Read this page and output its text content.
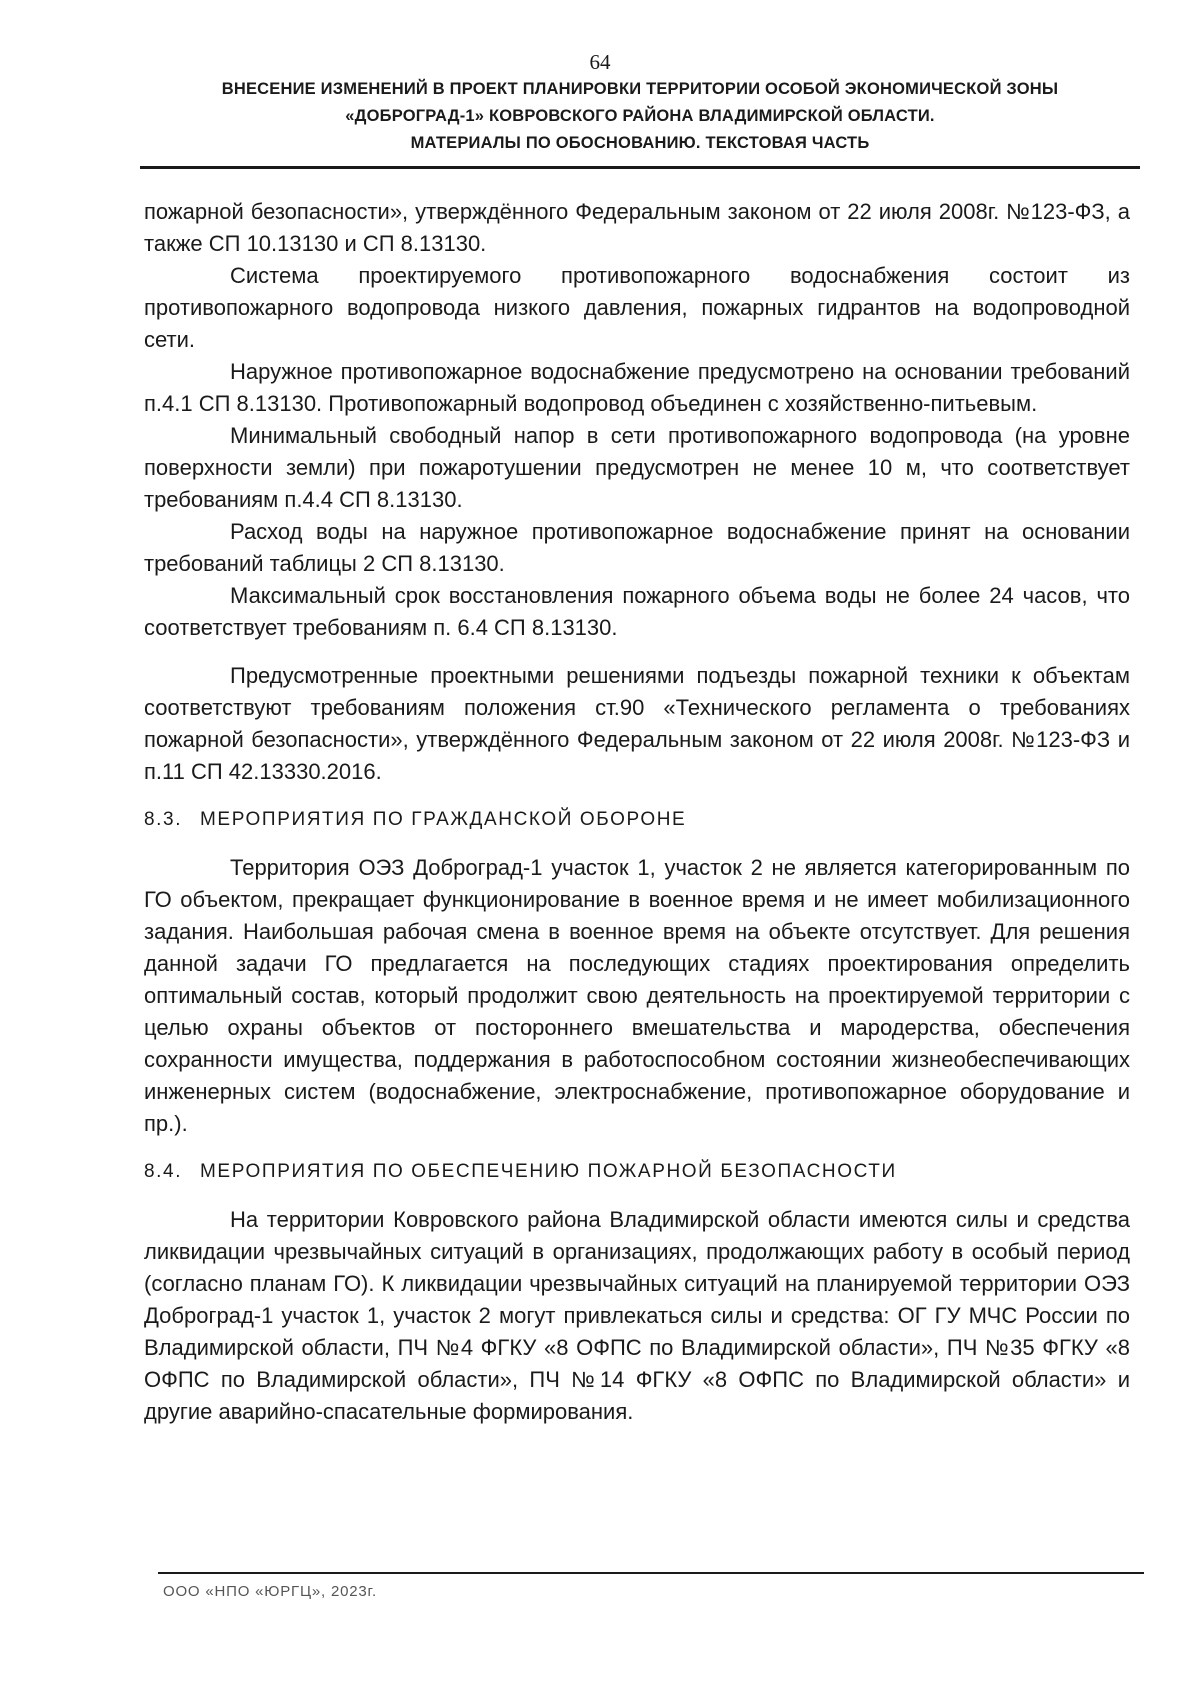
64
ВНЕСЕНИЕ ИЗМЕНЕНИЙ В ПРОЕКТ ПЛАНИРОВКИ ТЕРРИТОРИИ ОСОБОЙ ЭКОНОМИЧЕСКОЙ ЗОНЫ
«ДОБРОГРАД-1» КОВРОВСКОГО РАЙОНА ВЛАДИМИРСКОЙ ОБЛАСТИ.
МАТЕРИАЛЫ ПО ОБОСНОВАНИЮ. ТЕКСТОВАЯ ЧАСТЬ

пожарной безопасности», утверждённого Федеральным законом от 22 июля 2008г. №123-ФЗ, а также СП 10.13130 и СП 8.13130.

Система проектируемого противопожарного водоснабжения состоит из противопожарного водопровода низкого давления, пожарных гидрантов на водопроводной сети.

Наружное противопожарное водоснабжение предусмотрено на основании требований п.4.1 СП 8.13130. Противопожарный водопровод объединен с хозяйственно-питьевым.

Минимальный свободный напор в сети противопожарного водопровода (на уровне поверхности земли) при пожаротушении предусмотрен не менее 10 м, что соответствует требованиям п.4.4 СП 8.13130.

Расход воды на наружное противопожарное водоснабжение принят на основании требований таблицы 2 СП 8.13130.

Максимальный срок восстановления пожарного объема воды не более 24 часов, что соответствует требованиям п. 6.4 СП 8.13130.

Предусмотренные проектными решениями подъезды пожарной техники к объектам соответствуют требованиям положения ст.90 «Технического регламента о требованиях пожарной безопасности», утверждённого Федеральным законом от 22 июля 2008г. №123-ФЗ и п.11 СП 42.13330.2016.

8.3. МЕРОПРИЯТИЯ ПО ГРАЖДАНСКОЙ ОБОРОНЕ

Территория ОЭЗ Доброград-1 участок 1, участок 2 не является категорированным по ГО объектом, прекращает функционирование в военное время и не имеет мобилизационного задания. Наибольшая рабочая смена в военное время на объекте отсутствует. Для решения данной задачи ГО предлагается на последующих стадиях проектирования определить оптимальный состав, который продолжит свою деятельность на проектируемой территории с целью охраны объектов от постороннего вмешательства и мародерства, обеспечения сохранности имущества, поддержания в работоспособном состоянии жизнеобеспечивающих инженерных систем (водоснабжение, электроснабжение, противопожарное оборудование и пр.).

8.4. МЕРОПРИЯТИЯ ПО ОБЕСПЕЧЕНИЮ ПОЖАРНОЙ БЕЗОПАСНОСТИ

На территории Ковровского района Владимирской области имеются силы и средства ликвидации чрезвычайных ситуаций в организациях, продолжающих работу в особый период (согласно планам ГО). К ликвидации чрезвычайных ситуаций на планируемой территории ОЭЗ Доброград-1 участок 1, участок 2 могут привлекаться силы и средства: ОГ ГУ МЧС России по Владимирской области, ПЧ №4 ФГКУ «8 ОФПС по Владимирской области», ПЧ №35 ФГКУ «8 ОФПС по Владимирской области», ПЧ №14 ФГКУ «8 ОФПС по Владимирской области» и другие аварийно-спасательные формирования.

ООО «НПО «ЮРГЦ», 2023г.
